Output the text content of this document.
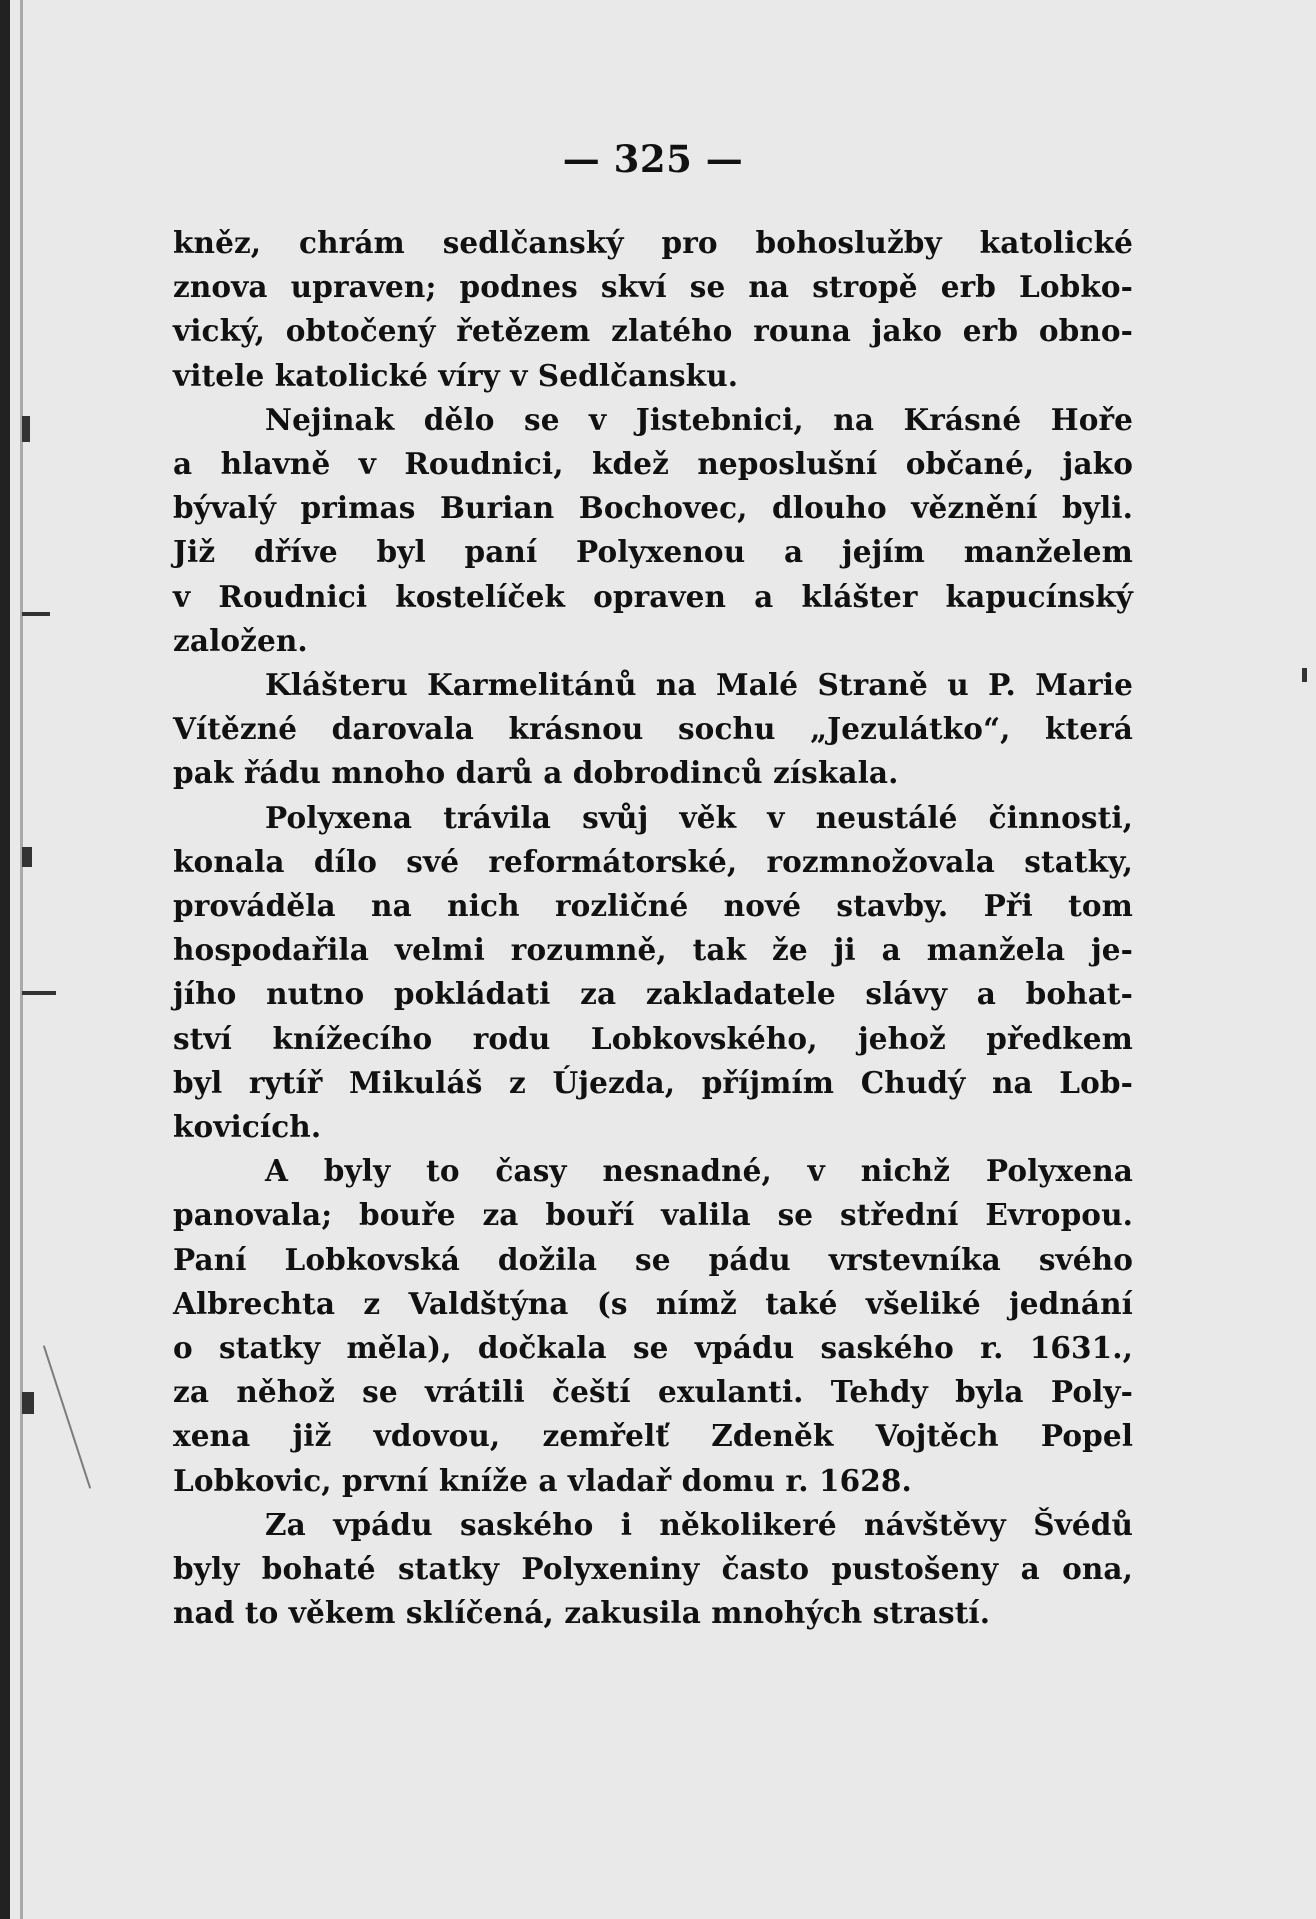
— 325 —
kněz, chrám sedlčanský pro bohoslužby katolické
znova upraven; podnes skví se na stropě erb Lobko-
vický, obtočený řetězem zlatého rouna jako erb obno-
vitele katolické víry v Sedlčansku.
Nejinak dělo se v Jistebnici, na Krásné Hoře
a hlavně v Roudnici, kdež neposlušní občané, jako
bývalý primas Burian Bochovec, dlouho věznění byli.
Již dříve byl paní Polyxenou a jejím manželem
v Roudnici kostelíček opraven a klášter kapucínský
založen.
Klášteru Karmelitánů na Malé Straně u P. Marie
Vítězné darovala krásnou sochu „Jezulátko“, která
pak řádu mnoho darů a dobrodinců získala.
Polyxena trávila svůj věk v neustálé činnosti,
konala dílo své reformátorské, rozmnožovala statky,
prováděla na nich rozličné nové stavby. Při tom
hospodařila velmi rozumně, tak že ji a manžela je-
jího nutno pokládati za zakladatele slávy a bohat-
ství knížecího rodu Lobkovského, jehož předkem
byl rytíř Mikuláš z Újezda, příjmím Chudý na Lob-
kovicích.
A byly to časy nesnadné, v nichž Polyxena
panovala; bouře za bouří valila se střední Evropou.
Paní Lobkovská dožila se pádu vrstevníka svého
Albrechta z Valdštýna (s nímž také všeliké jednání
o statky měla), dočkala se vpádu saského r. 1631.,
za něhož se vrátili čeští exulanti. Tehdy byla Poly-
xena již vdovou, zemřelť Zdeněk Vojtěch Popel
Lobkovic, první kníže a vladař domu r. 1628.
Za vpádu saského i několikeré návštěvy Švédů
byly bohaté statky Polyxeniny často pustošeny a ona,
nad to věkem sklíčená, zakusila mnohých strastí.
